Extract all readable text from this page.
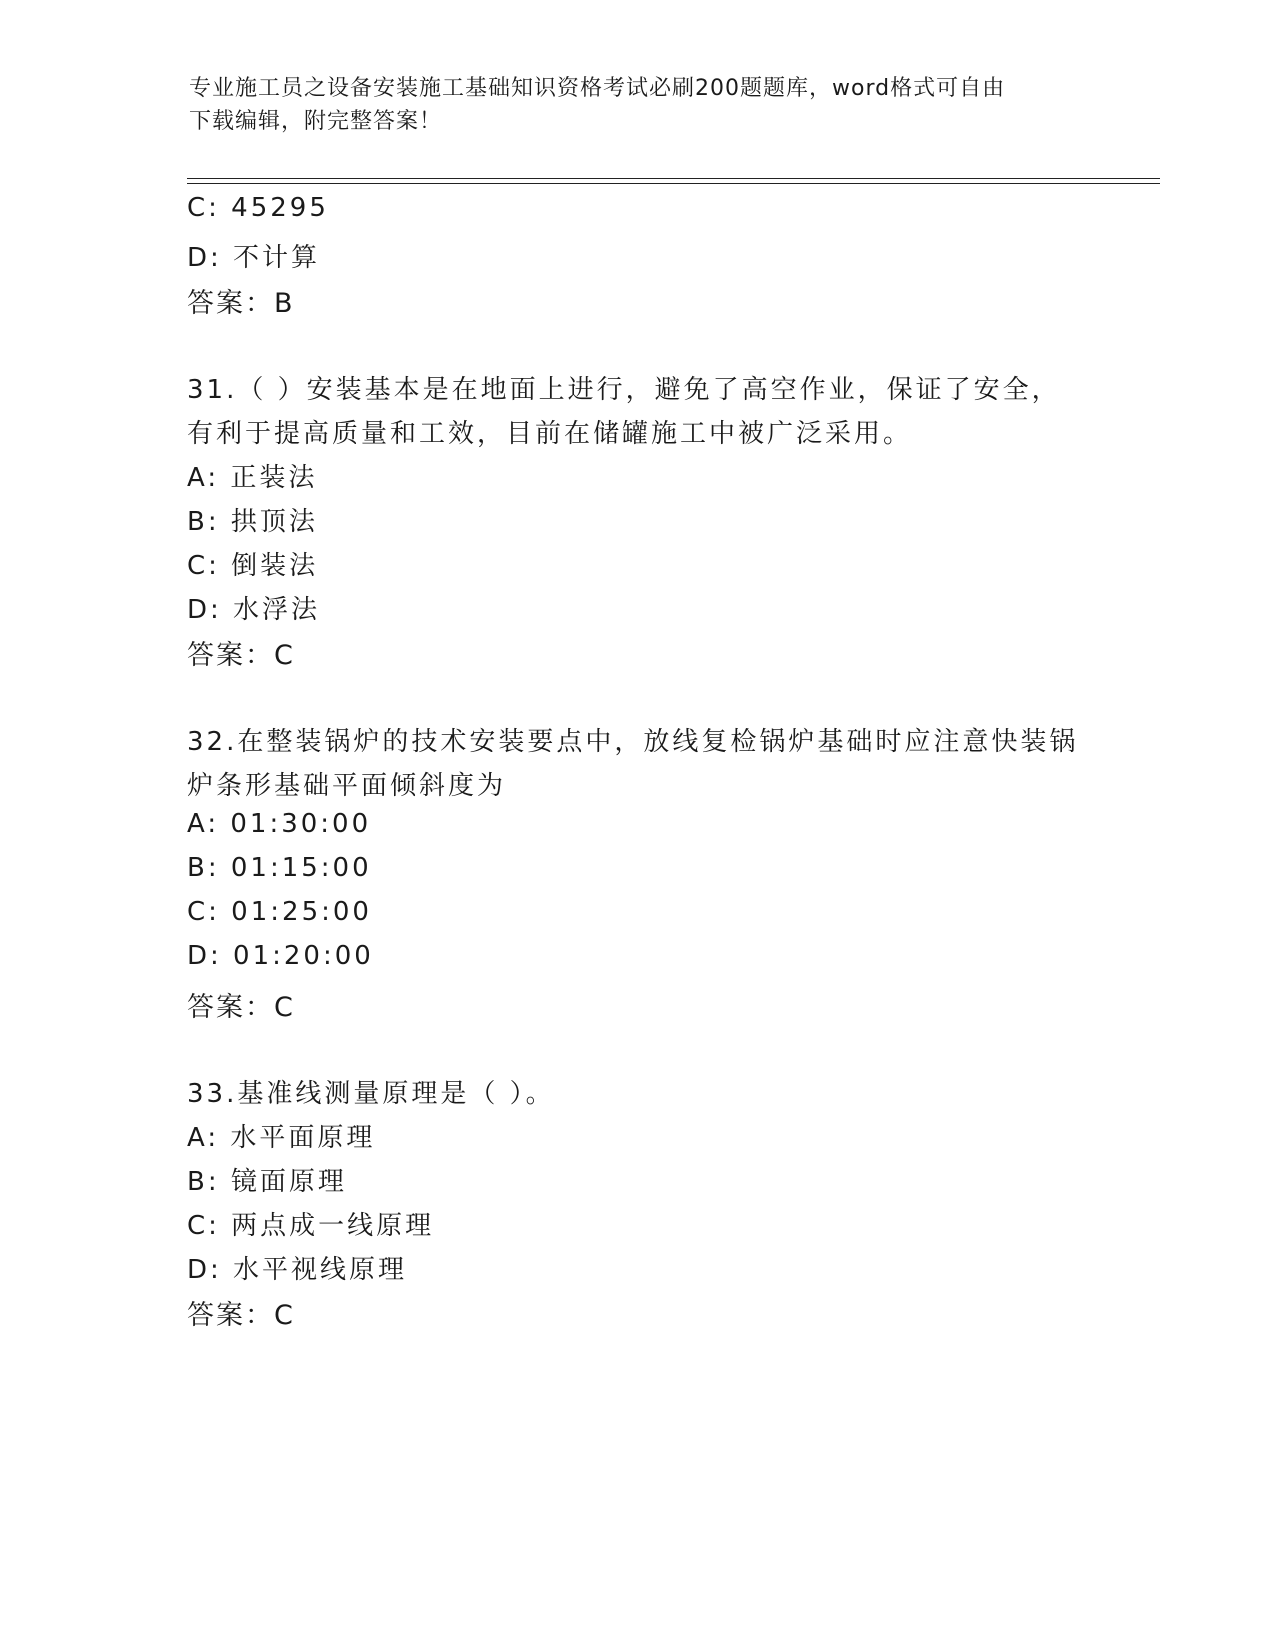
专业施工员之设备安装施工基础知识资格考试必刷200题题库，word格式可自由
下载编辑，附完整答案！
C: 45295
D: 不计算
答案：B
31.（ ）安装基本是在地面上进行，避免了高空作业，保证了安全，
有利于提高质量和工效，目前在储罐施工中被广泛采用。
A: 正装法
B: 拱顶法
C: 倒装法
D: 水浮法
答案：C
32.在整装锅炉的技术安装要点中，放线复检锅炉基础时应注意快装锅
炉条形基础平面倾斜度为
A: 01:30:00
B: 01:15:00
C: 01:25:00
D: 01:20:00
答案：C
33.基准线测量原理是（ ）。
A: 水平面原理
B: 镜面原理
C: 两点成一线原理
D: 水平视线原理
答案：C
